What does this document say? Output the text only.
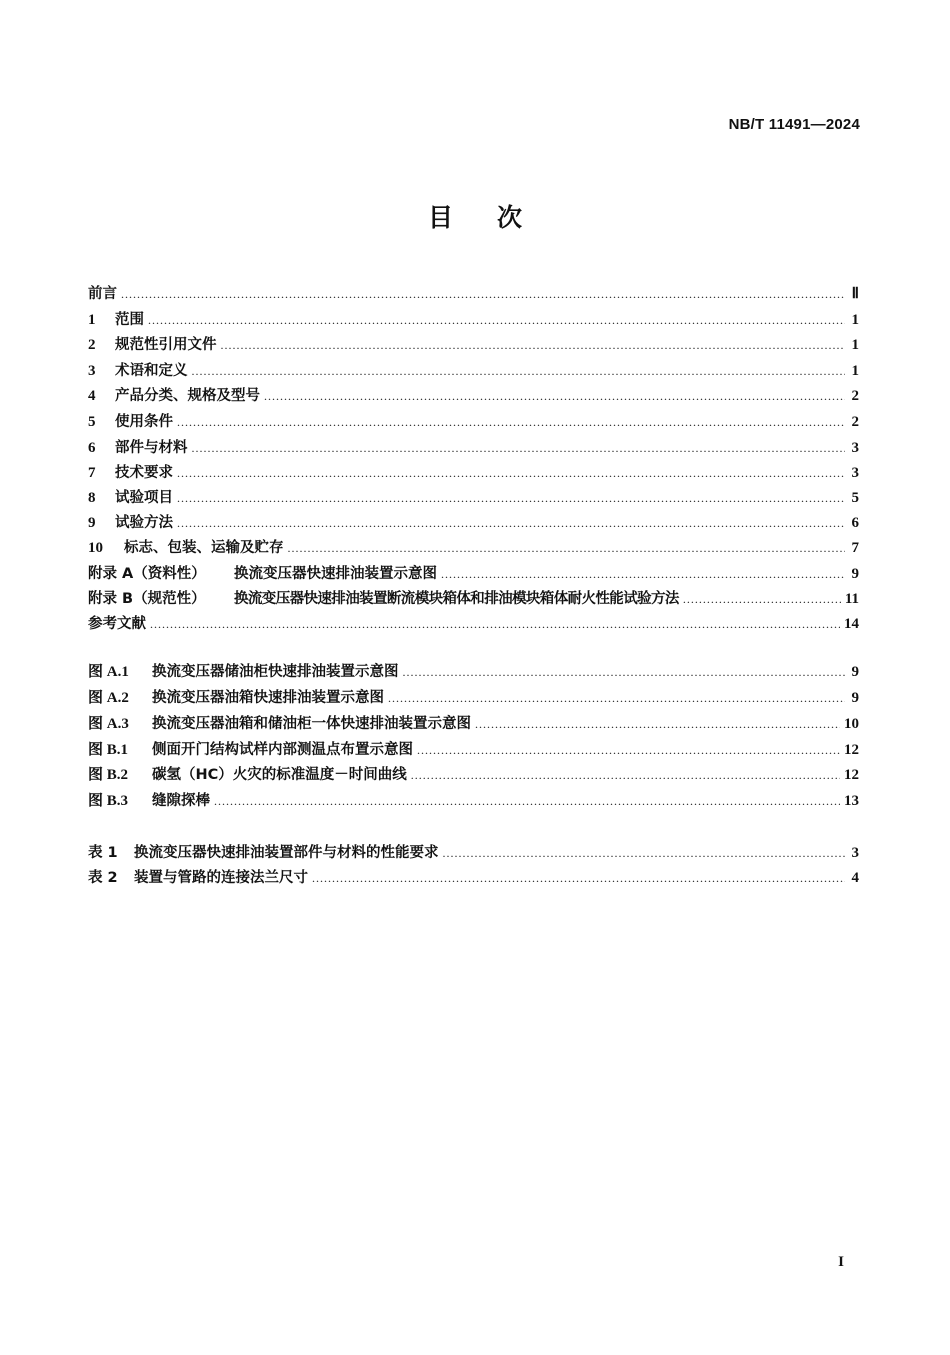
NB/T 11491—2024
目次
前言 .....	Ⅱ
1	范围 .....	1
2	规范性引用文件 .....	1
3	术语和定义 .....	1
4	产品分类、规格及型号 .....	2
5	使用条件 .....	2
6	部件与材料 .....	3
7	技术要求 .....	3
8	试验项目 .....	5
9	试验方法 .....	6
10	标志、包装、运输及贮存 .....	7
附录 A（资料性）	换流变压器快速排油装置示意图 .....	9
附录 B（规范性）	换流变压器快速排油装置断流模块箱体和排油模块箱体耐火性能试验方法 .....	11
参考文献 .....	14
图 A.1	换流变压器储油柜快速排油装置示意图 .....	9
图 A.2	换流变压器油箱快速排油装置示意图 .....	9
图 A.3	换流变压器油箱和储油柜一体快速排油装置示意图 .....	10
图 B.1	侧面开门结构试样内部测温点布置示意图 .....	12
图 B.2	碳氢（HC）火灾的标准温度－时间曲线 .....	12
图 B.3	缝隙探棒 .....	13
表 1	换流变压器快速排油装置部件与材料的性能要求 .....	3
表 2	装置与管路的连接法兰尺寸 .....	4
I
